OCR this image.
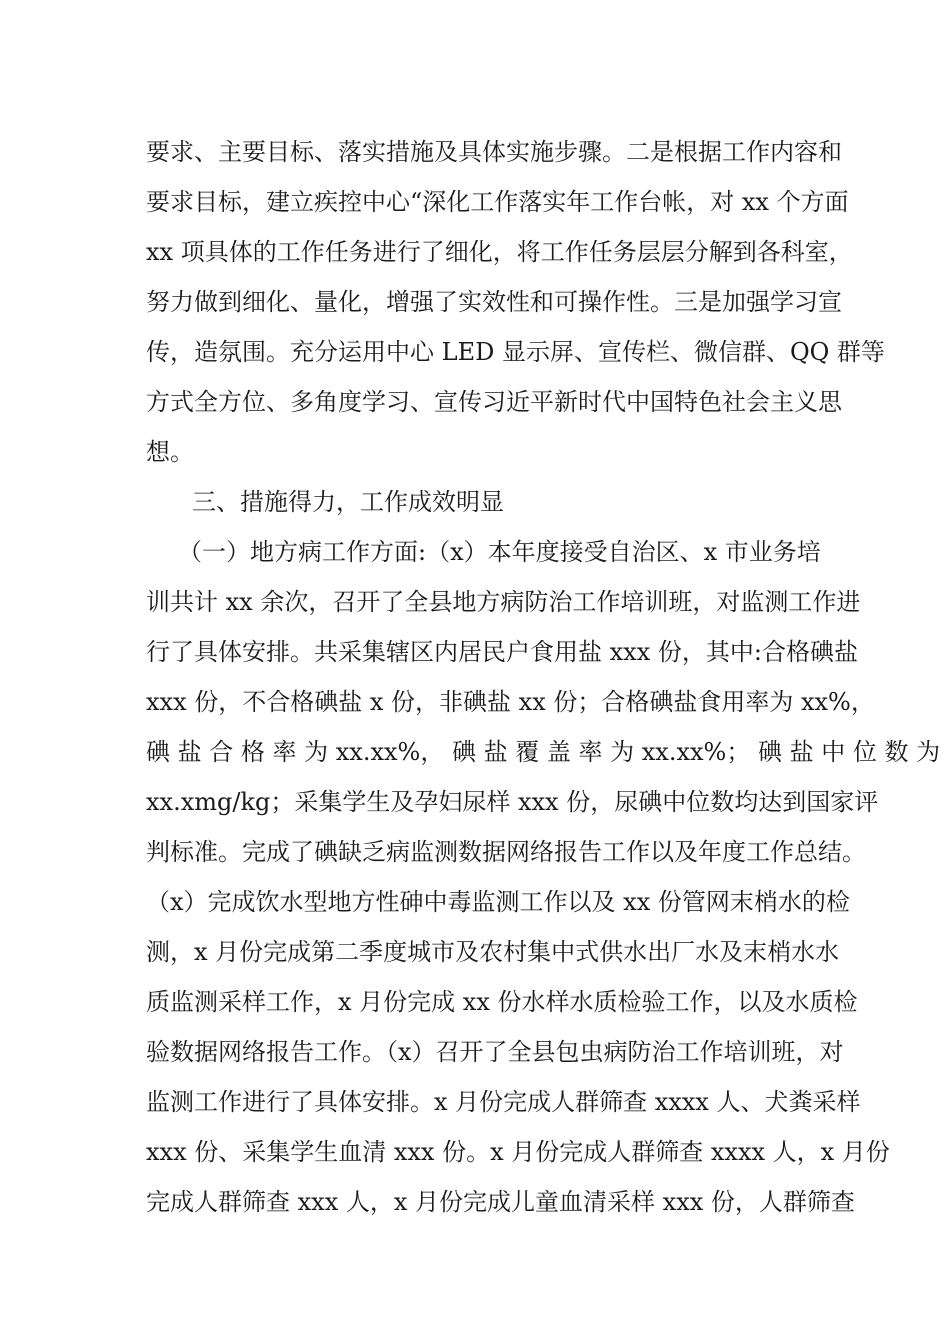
要求、主要目标、落实措施及具体实施步骤。二是根据工作内容和
要求目标，建立疾控中心“深化工作落实年工作台帐，对 xx 个方面
xx 项具体的工作任务进行了细化，将工作任务层层分解到各科室，
努力做到细化、量化，增强了实效性和可操作性。三是加强学习宣
传，造氛围。充分运用中心 LED 显示屏、宣传栏、微信群、QQ 群等
方式全方位、多角度学习、宣传习近平新时代中国特色社会主义思
想。
三、措施得力，工作成效明显
（一）地方病工作方面:（x）本年度接受自治区、x 市业务培
训共计 xx 余次，召开了全县地方病防治工作培训班，对监测工作进
行了具体安排。共采集辖区内居民户食用盐 xxx 份，其中:合格碘盐
xxx 份，不合格碘盐 x 份，非碘盐 xx 份；合格碘盐食用率为 xx%，
碘 盐 合 格 率 为 xx.xx%， 碘 盐 覆 盖 率 为 xx.xx%； 碘 盐 中 位 数 为
xx.xmg/kg；采集学生及孕妇尿样 xxx 份，尿碘中位数均达到国家评
判标准。完成了碘缺乏病监测数据网络报告工作以及年度工作总结。
（x）完成饮水型地方性砷中毒监测工作以及 xx 份管网末梢水的检
测，x 月份完成第二季度城市及农村集中式供水出厂水及末梢水水
质监测采样工作，x 月份完成 xx 份水样水质检验工作，以及水质检
验数据网络报告工作。（x）召开了全县包虫病防治工作培训班，对
监测工作进行了具体安排。x 月份完成人群筛查 xxxx 人、犬粪采样
xxx 份、采集学生血清 xxx 份。x 月份完成人群筛查 xxxx 人，x 月份
完成人群筛查 xxx 人，x 月份完成儿童血清采样 xxx 份，人群筛查
